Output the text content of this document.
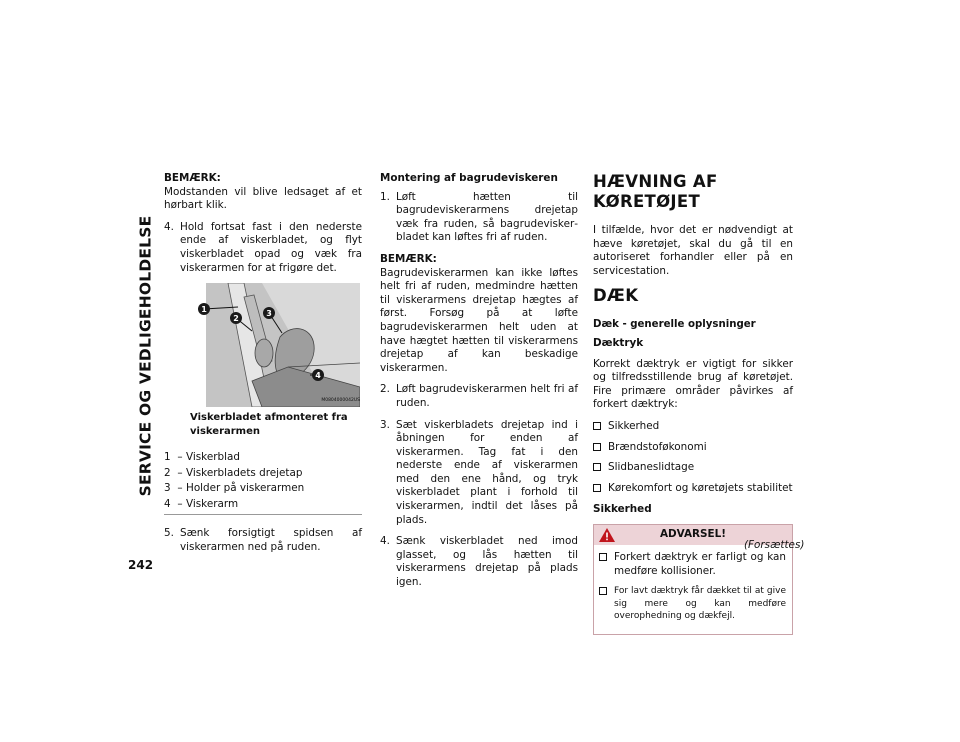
SERVICE OG VEDLIGEHOLDELSE
242

BEMÆRK:

Modstanden vil blive ledsaget af et hørbart klik.

4. Hold fortsat fast i den nederste ende af viskerbladet, og flyt viskerbladet opad og væk fra viskerarmen for at frigøre det.
1
2
3
4
M0804000042US
Viskerbladet afmonteret fra viskerarmen
1 – Viskerblad
2 – Viskerbladets drejetap
3 – Holder på viskerarmen
4 – Viskerarm
5. Sænk forsigtigt spidsen af viskerarmen ned på ruden.

Montering af bagrudeviskeren

1. Løft hætten til bagrudeviskerarmens drejetap væk fra ruden, så bagrudeviskerbladet kan løftes fri af ruden.

BEMÆRK:

Bagrudeviskerarmen kan ikke løftes helt fri af ruden, medmindre hætten til viskerarmens drejetap hægtes af først. Forsøg på at løfte bagrudeviskerarmen helt uden at have hægtet hætten til viskerarmens drejetap af kan beskadige viskerarmen.

2. Løft bagrudeviskerarmen helt fri af ruden.
3. Sæt viskerbladets drejetap ind i åbningen for enden af viskerarmen. Tag fat i den nederste ende af viskerarmen med den ene hånd, og tryk viskerbladet plant i forhold til viskerarmen, indtil det låses på plads.
4. Sænk viskerbladet ned imod glasset, og lås hætten til viskerarmens drejetap på plads igen.
HÆVNING AF KØRETØJET

I tilfælde, hvor det er nødvendigt at hæve køretøjet, skal du gå til en autoriseret forhandler eller på en servicestation.

DÆK

Dæk - generelle oplysninger

Dæktryk

Korrekt dæktryk er vigtigt for sikker og tilfredsstillende brug af køretøjet. Fire primære områder påvirkes af forkert dæktryk:

Sikkerhed
Brændstoføkonomi
Slidbaneslidtage
Kørekomfort og køretøjets stabilitet

Sikkerhed

ADVARSEL!
Forkert dæktryk er farligt og kan medføre kollisioner.
For lavt dæktryk får dækket til at give sig mere og kan medføre overophedning og dækfejl.
(Forsættes)
